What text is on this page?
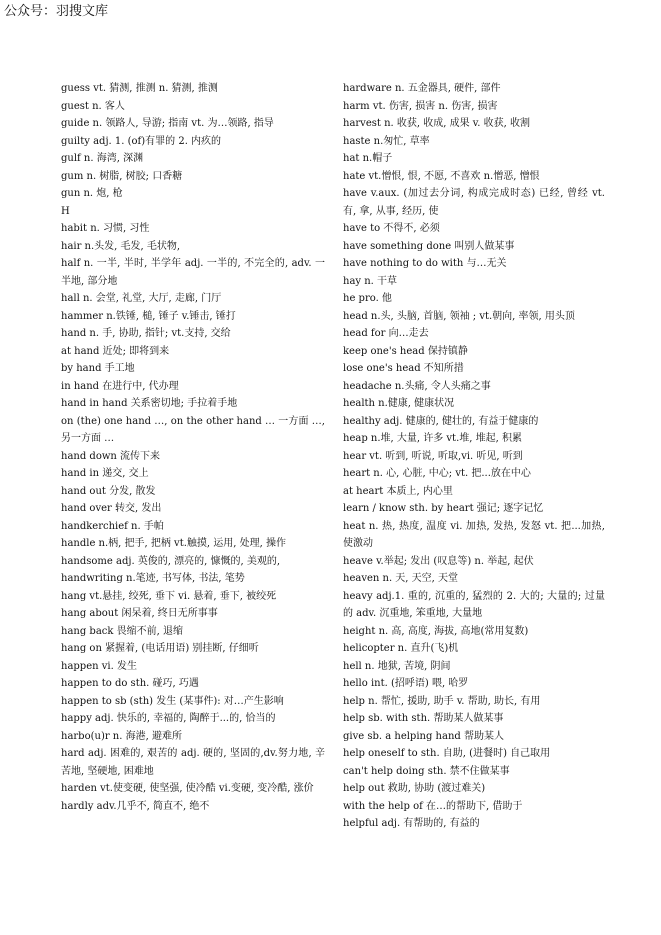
公众号：羽搜文库
guess vt. 猜测, 推测 n. 猜测, 推测
guest n. 客人
guide n. 领路人, 导游; 指南 vt. 为…领路, 指导
guilty adj. 1. (of)有罪的 2. 内疚的
gulf n. 海湾, 深渊
gum n. 树脂, 树胶; 口香糖
gun n. 炮, 枪
H
habit n. 习惯, 习性
hair n.头发, 毛发, 毛状物,
half n. 一半, 半时, 半学年 adj. 一半的, 不完全的, adv. 一半地, 部分地
hall n. 会堂, 礼堂, 大厅, 走廊, 门厅
hammer n.铁锤, 槌, 锤子 v.锤击, 锤打
hand n. 手, 协助, 指针; vt.支持, 交给
at hand 近处; 即将到来
by hand 手工地
in hand 在进行中, 代办理
hand in hand 关系密切地; 手拉着手地
on (the) one hand …, on the other hand … 一方面 …, 另一方面 …
hand down 流传下来
hand in 递交, 交上
hand out 分发, 散发
hand over 转交, 发出
handkerchief n. 手帕
handle n.柄, 把手, 把柄 vt.触摸, 运用, 处理, 操作
handsome adj. 英俊的, 漂亮的, 慷慨的, 美观的,
handwriting n.笔迹, 书写体, 书法, 笔势
hang vt.悬挂, 绞死, 垂下 vi. 悬着, 垂下, 被绞死
hang about 闲呆着, 终日无所事事
hang back 畏缩不前, 退缩
hang on 紧握着, (电话用语) 别挂断, 仔细听
happen vi. 发生
happen to do sth. 碰巧, 巧遇
happen to sb (sth) 发生 (某事件): 对…产生影响
happy adj. 快乐的, 幸福的, 陶醉于...的, 恰当的
harbo(u)r n. 海港, 避难所
hard adj. 困难的, 艰苦的 adj. 硬的, 坚固的,dv.努力地, 辛苦地, 坚硬地, 困难地
harden vt.使变硬, 使坚强, 使冷酷 vi.变硬, 变冷酷, 涨价
hardly adv.几乎不, 简直不, 绝不
hardware n. 五金器具, 硬件, 部件
harm vt. 伤害, 损害 n. 伤害, 损害
harvest n. 收获, 收成, 成果 v. 收获, 收割
haste n.匆忙, 草率
hat n.帽子
hate vt.憎恨, 恨, 不愿, 不喜欢 n.憎恶, 憎恨
have v.aux. (加过去分词, 构成完成时态) 已经, 曾经 vt. 有, 拿, 从事, 经历, 使
have to 不得不, 必须
have something done 叫别人做某事
have nothing to do with 与…无关
hay n. 干草
he pro. 他
head n.头, 头脑, 首脑, 领袖 ; vt.朝向, 率领, 用头顶
head for 向…走去
keep one's head 保持镇静
lose one's head 不知所措
headache n.头痛, 令人头痛之事
health n.健康, 健康状况
healthy adj. 健康的, 健壮的, 有益于健康的
heap n.堆, 大量, 许多 vt.堆, 堆起, 积累
hear vt. 听到, 听说, 听取,vi. 听见, 听到
heart n. 心, 心脏, 中心; vt. 把...放在中心
at heart 本质上, 内心里
learn / know sth. by heart 强记; 逐字记忆
heat n. 热, 热度, 温度 vi. 加热, 发热, 发怒 vt. 把...加热, 使激动
heave v.举起; 发出 (叹息等) n. 举起, 起伏
heaven n. 天, 天空, 天堂
heavy adj.1. 重的, 沉重的, 猛烈的 2. 大的; 大量的; 过量的 adv. 沉重地, 笨重地, 大量地
height n. 高, 高度, 海拔, 高地(常用复数)
helicopter n. 直升(飞)机
hell n. 地狱, 苦境, 阴间
hello int. (招呼语) 喂, 哈罗
help n. 帮忙, 援助, 助手 v. 帮助, 助长, 有用
help sb. with sth. 帮助某人做某事
give sb. a helping hand 帮助某人
help oneself to sth. 自助, (进餐时) 自己取用
can't help doing sth. 禁不住做某事
help out 救助, 协助 (渡过难关)
with the help of 在…的帮助下, 借助于
helpful adj. 有帮助的, 有益的
